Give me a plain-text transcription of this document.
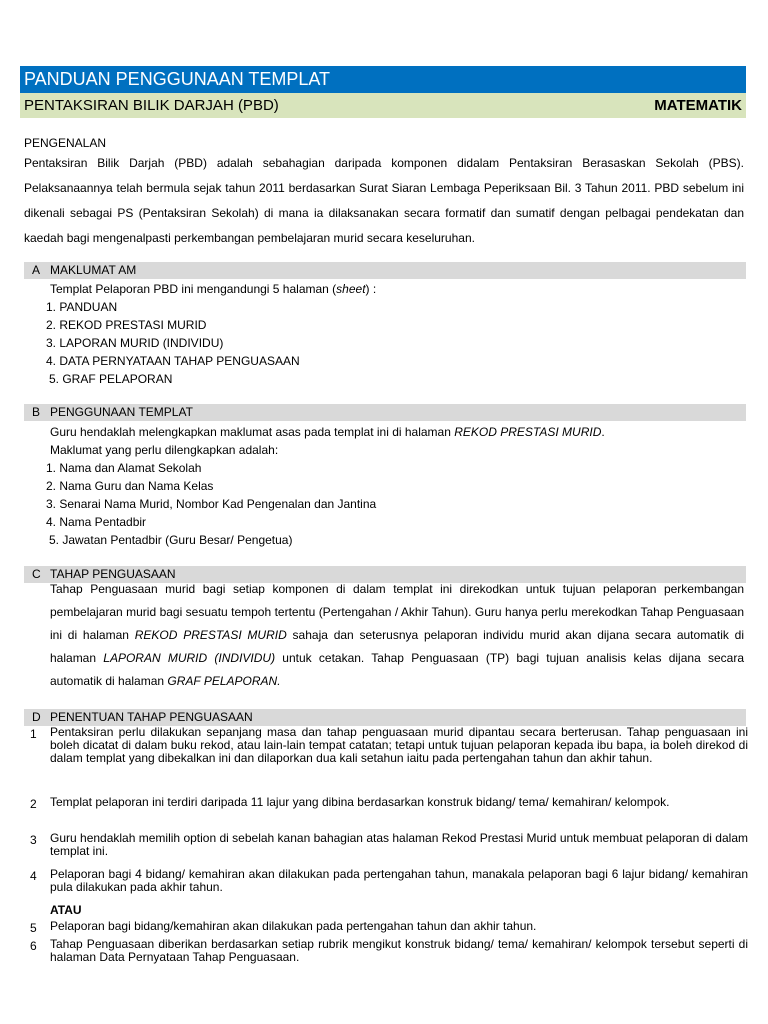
PANDUAN PENGGUNAAN TEMPLAT
PENTAKSIRAN BILIK DARJAH (PBD)	MATEMATIK
PENGENALAN
Pentaksiran Bilik Darjah (PBD) adalah sebahagian daripada komponen didalam Pentaksiran Berasaskan Sekolah (PBS). Pelaksanaannya telah bermula sejak tahun 2011 berdasarkan Surat Siaran Lembaga Peperiksaan Bil. 3 Tahun 2011. PBD sebelum ini dikenali sebagai PS (Pentaksiran Sekolah) di mana ia dilaksanakan secara formatif dan sumatif dengan pelbagai pendekatan dan kaedah bagi mengenalpasti perkembangan pembelajaran murid secara keseluruhan.
A MAKLUMAT AM
Templat Pelaporan PBD ini mengandungi 5 halaman (sheet) :
1. PANDUAN
2. REKOD PRESTASI MURID
3. LAPORAN MURID (INDIVIDU)
4. DATA PERNYATAAN TAHAP PENGUASAAN
5. GRAF PELAPORAN
B PENGGUNAAN TEMPLAT
Guru hendaklah melengkapkan maklumat asas pada templat ini di halaman REKOD PRESTASI MURID.
Maklumat yang perlu dilengkapkan adalah:
1. Nama dan Alamat Sekolah
2. Nama Guru dan Nama Kelas
3. Senarai Nama Murid, Nombor Kad Pengenalan dan Jantina
4. Nama Pentadbir
5. Jawatan Pentadbir (Guru Besar/ Pengetua)
C TAHAP PENGUASAAN
Tahap Penguasaan murid bagi setiap komponen di dalam templat ini direkodkan untuk tujuan pelaporan perkembangan pembelajaran murid bagi sesuatu tempoh tertentu (Pertengahan / Akhir Tahun). Guru hanya perlu merekodkan Tahap Penguasaan ini di halaman REKOD PRESTASI MURID sahaja dan seterusnya pelaporan individu murid akan dijana secara automatik di halaman LAPORAN MURID (INDIVIDU) untuk cetakan. Tahap Penguasaan (TP) bagi tujuan analisis kelas dijana secara automatik di halaman GRAF PELAPORAN.
D PENENTUAN TAHAP PENGUASAAN
1 Pentaksiran perlu dilakukan sepanjang masa dan tahap penguasaan murid dipantau secara berterusan. Tahap penguasaan ini boleh dicatat di dalam buku rekod, atau lain-lain tempat catatan; tetapi untuk tujuan pelaporan kepada ibu bapa, ia boleh direkod di dalam templat yang dibekalkan ini dan dilaporkan dua kali setahun iaitu pada pertengahan tahun dan akhir tahun.
2 Templat pelaporan ini terdiri daripada 11 lajur yang dibina berdasarkan konstruk bidang/ tema/ kemahiran/ kelompok.
3 Guru hendaklah memilih option di sebelah kanan bahagian atas halaman Rekod Prestasi Murid untuk membuat pelaporan di dalam templat ini.
4 Pelaporan bagi 4 bidang/ kemahiran akan dilakukan pada pertengahan tahun, manakala pelaporan bagi 6 lajur bidang/ kemahiran pula dilakukan pada akhir tahun.
ATAU
5 Pelaporan bagi bidang/kemahiran akan dilakukan pada pertengahan tahun dan akhir tahun.
6 Tahap Penguasaan diberikan berdasarkan setiap rubrik mengikut konstruk bidang/ tema/ kemahiran/ kelompok tersebut seperti di halaman Data Pernyataan Tahap Penguasaan.
